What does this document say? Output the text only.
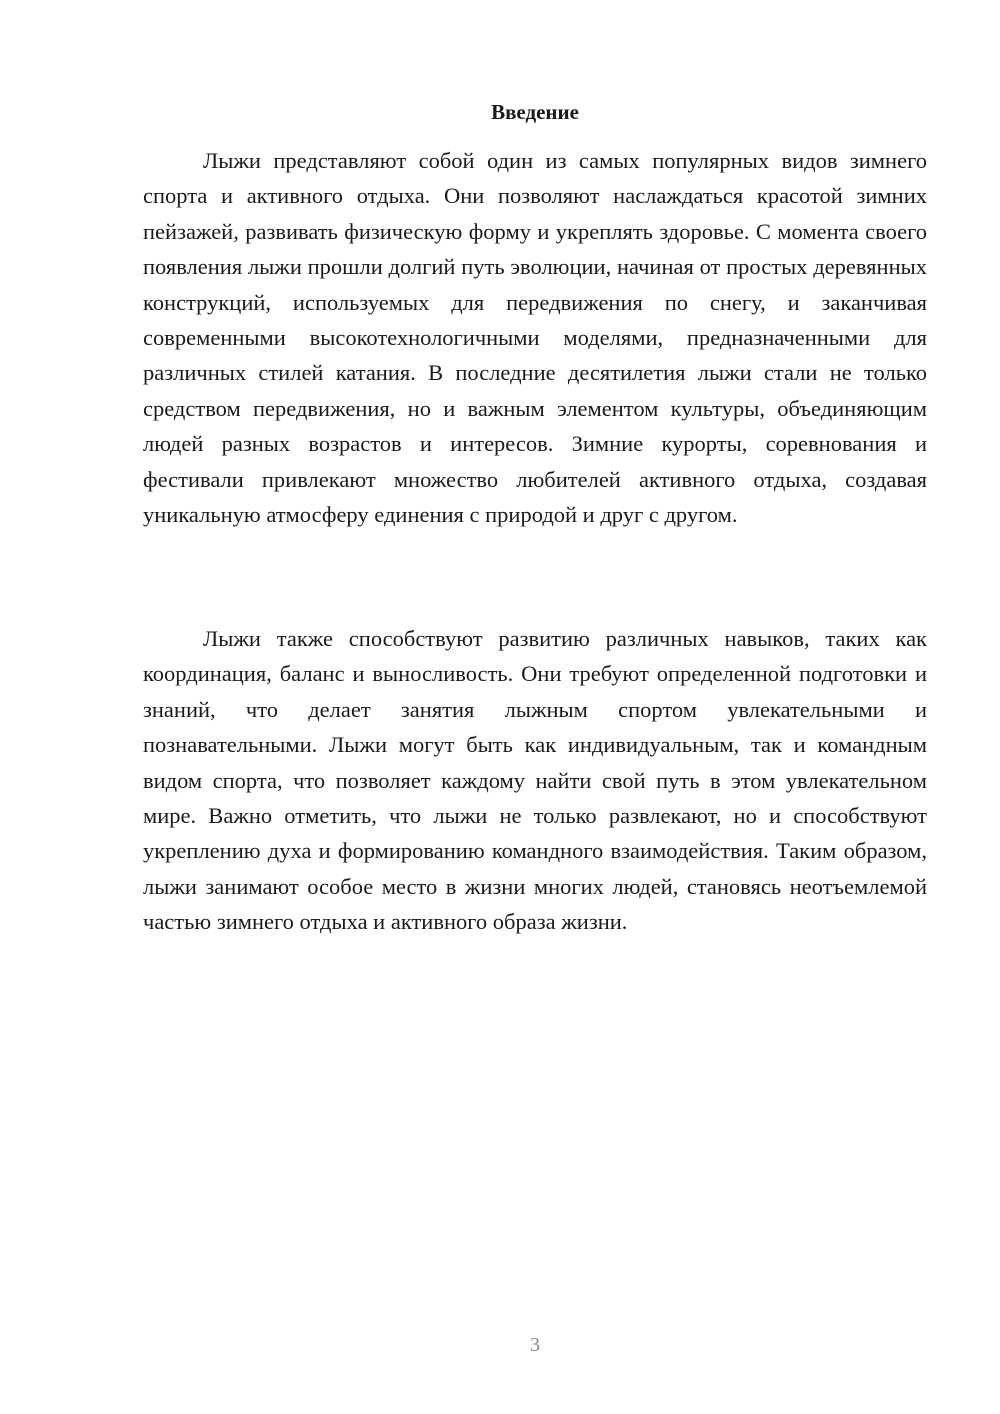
Введение

Лыжи представляют собой один из самых популярных видов зимнего спорта и активного отдыха. Они позволяют наслаждаться красотой зимних пейзажей, развивать физическую форму и укреплять здоровье. С момента своего появления лыжи прошли долгий путь эволюции, начиная от простых деревянных конструкций, используемых для передвижения по снегу, и заканчивая современными высокотехнологичными моделями, предназначенными для различных стилей катания. В последние десятилетия лыжи стали не только средством передвижения, но и важным элементом культуры, объединяющим людей разных возрастов и интересов. Зимние курорты, соревнования и фестивали привлекают множество любителей активного отдыха, создавая уникальную атмосферу единения с природой и друг с другом.

Лыжи также способствуют развитию различных навыков, таких как координация, баланс и выносливость. Они требуют определенной подготовки и знаний, что делает занятия лыжным спортом увлекательными и познавательными. Лыжи могут быть как индивидуальным, так и командным видом спорта, что позволяет каждому найти свой путь в этом увлекательном мире. Важно отметить, что лыжи не только развлекают, но и способствуют укреплению духа и формированию командного взаимодействия. Таким образом, лыжи занимают особое место в жизни многих людей, становясь неотъемлемой частью зимнего отдыха и активного образа жизни.

3
